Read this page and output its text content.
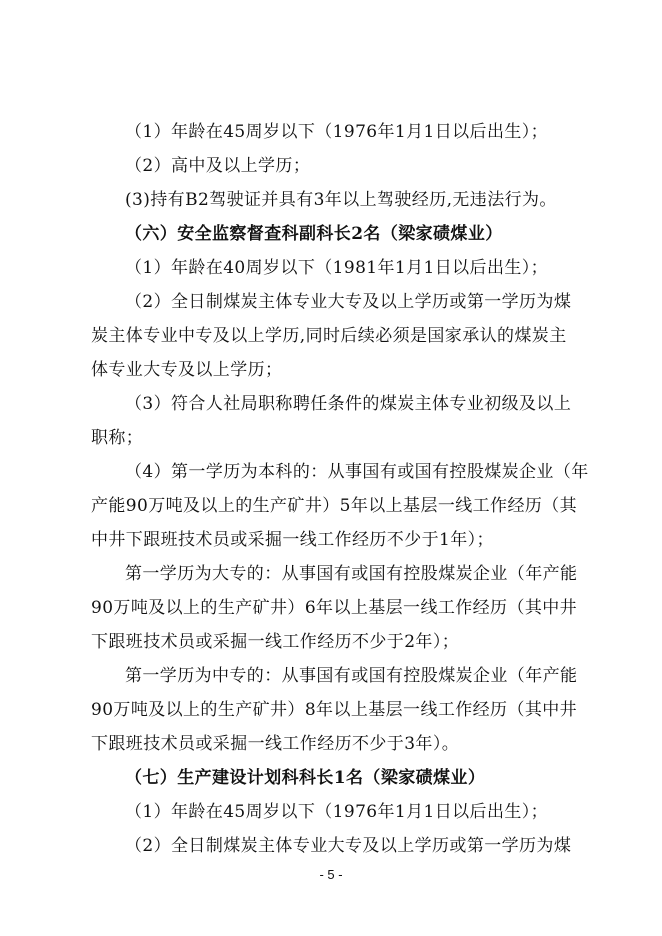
（1）年龄在45周岁以下（1976年1月1日以后出生）；
（2）高中及以上学历；
(3)持有B2驾驶证并具有3年以上驾驶经历,无违法行为。
（六）安全监察督查科副科长2名（梁家碛煤业）
（1）年龄在40周岁以下（1981年1月1日以后出生）；
（2）全日制煤炭主体专业大专及以上学历或第一学历为煤
炭主体专业中专及以上学历,同时后续必须是国家承认的煤炭主
体专业大专及以上学历；
（3）符合人社局职称聘任条件的煤炭主体专业初级及以上
职称；
（4）第一学历为本科的：从事国有或国有控股煤炭企业（年
产能90万吨及以上的生产矿井）5年以上基层一线工作经历（其
中井下跟班技术员或采掘一线工作经历不少于1年）；
第一学历为大专的：从事国有或国有控股煤炭企业（年产能
90万吨及以上的生产矿井）6年以上基层一线工作经历（其中井
下跟班技术员或采掘一线工作经历不少于2年）；
第一学历为中专的：从事国有或国有控股煤炭企业（年产能
90万吨及以上的生产矿井）8年以上基层一线工作经历（其中井
下跟班技术员或采掘一线工作经历不少于3年）。
（七）生产建设计划科科长1名（梁家碛煤业）
（1）年龄在45周岁以下（1976年1月1日以后出生）；
（2）全日制煤炭主体专业大专及以上学历或第一学历为煤
- 5 -
